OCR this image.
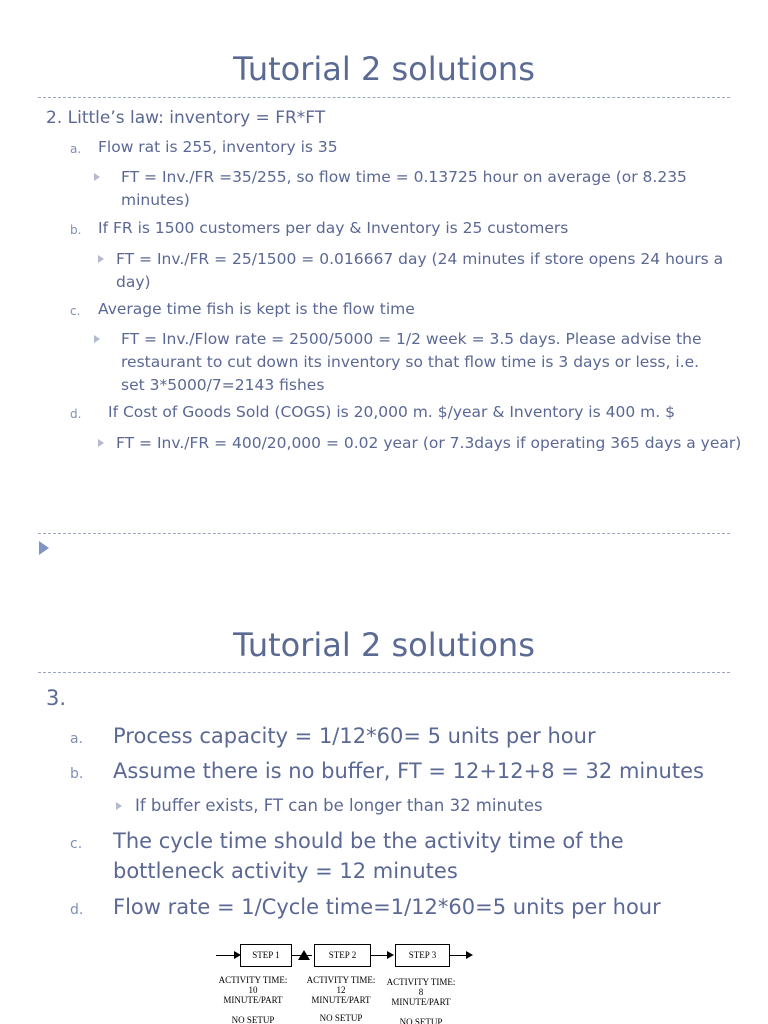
Tutorial 2 solutions
2. Little’s law: inventory = FR*FT
a. Flow rat is 255, inventory is 35
FT = Inv./FR =35/255, so flow time = 0.13725 hour on average (or 8.235
minutes)
b. If FR is 1500 customers per day & Inventory is 25 customers
FT = Inv./FR = 25/1500 = 0.016667 day (24 minutes if store opens 24 hours a
day)
c. Average time fish is kept is the flow time
FT = Inv./Flow rate = 2500/5000 = 1/2 week = 3.5 days. Please advise the
restaurant to cut down its inventory so that flow time is 3 days or less, i.e.
set 3*5000/7=2143 fishes
d. If Cost of Goods Sold (COGS) is 20,000 m. $/year & Inventory is 400 m. $
FT = Inv./FR = 400/20,000 = 0.02 year (or 7.3days if operating 365 days a year)
Tutorial 2 solutions
3.
a. Process capacity = 1/12*60= 5 units per hour
b. Assume there is no buffer, FT = 12+12+8 = 32 minutes
If buffer exists, FT can be longer than 32 minutes
c. The cycle time should be the activity time of the
bottleneck activity = 12 minutes
d. Flow rate = 1/Cycle time=1/12*60=5 units per hour
STEP 1	STEP 2	STEP 3
ACTIVITY TIME:
10
MINUTE/PART
NO SETUP
ACTIVITY TIME:
12
MINUTE/PART
NO SETUP
ACTIVITY TIME:
8
MINUTE/PART
NO SETUP
